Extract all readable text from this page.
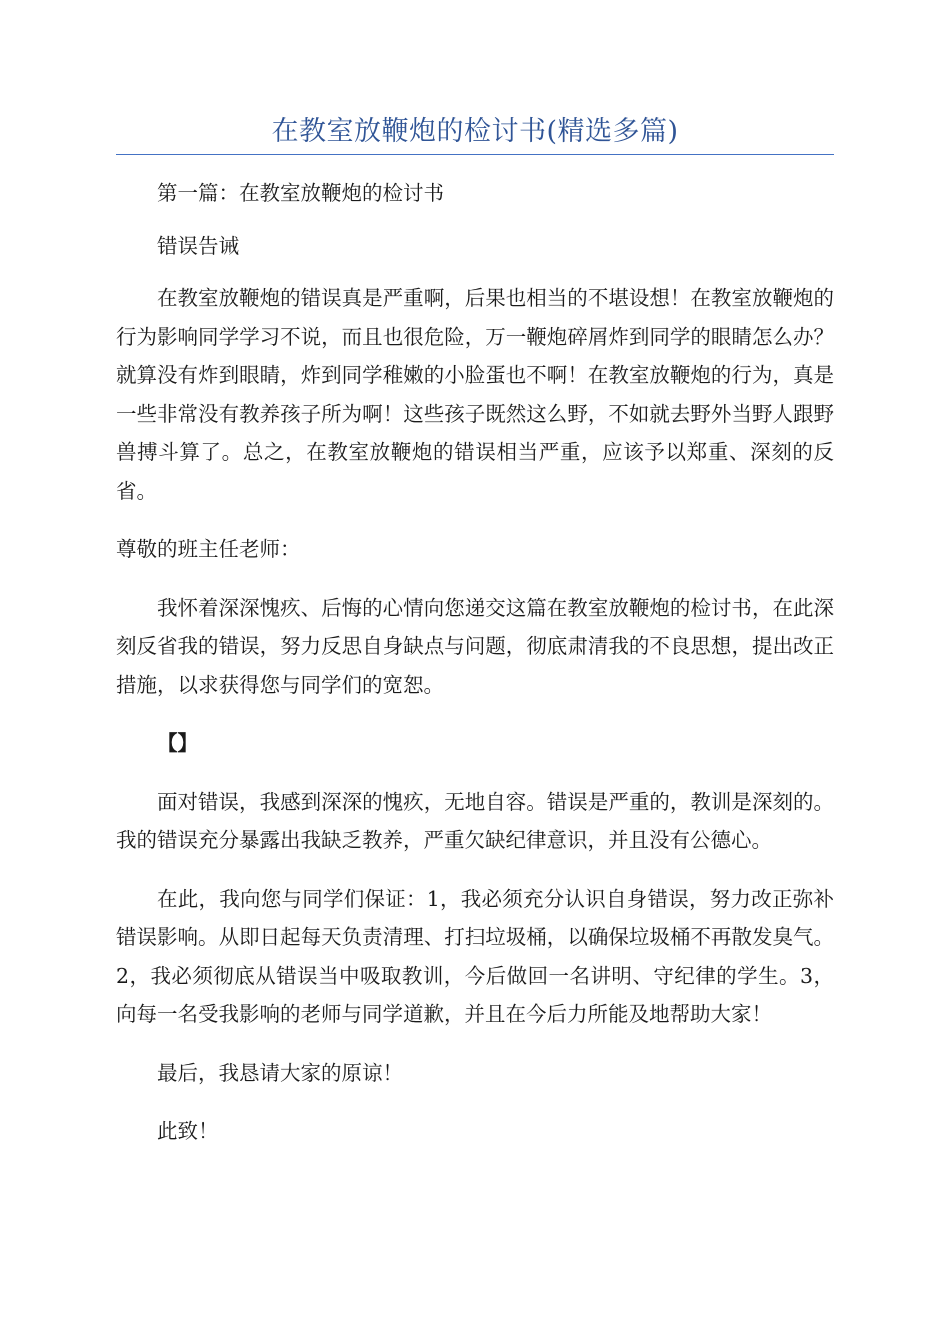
在教室放鞭炮的检讨书(精选多篇)

第一篇：在教室放鞭炮的检讨书

错误告诫

在教室放鞭炮的错误真是严重啊，后果也相当的不堪设想！在教室放鞭炮的行为影响同学学习不说，而且也很危险，万一鞭炮碎屑炸到同学的眼睛怎么办？就算没有炸到眼睛，炸到同学稚嫩的小脸蛋也不啊！在教室放鞭炮的行为，真是一些非常没有教养孩子所为啊！这些孩子既然这么野，不如就去野外当野人跟野兽搏斗算了。总之，在教室放鞭炮的错误相当严重，应该予以郑重、深刻的反省。

尊敬的班主任老师：

我怀着深深愧疚、后悔的心情向您递交这篇在教室放鞭炮的检讨书，在此深刻反省我的错误，努力反思自身缺点与问题，彻底肃清我的不良思想，提出改正措施，以求获得您与同学们的宽恕。

【】

面对错误，我感到深深的愧疚，无地自容。错误是严重的，教训是深刻的。我的错误充分暴露出我缺乏教养，严重欠缺纪律意识，并且没有公德心。

在此，我向您与同学们保证：1，我必须充分认识自身错误，努力改正弥补错误影响。从即日起每天负责清理、打扫垃圾桶，以确保垃圾桶不再散发臭气。2，我必须彻底从错误当中吸取教训，今后做回一名讲明、守纪律的学生。3，向每一名受我影响的老师与同学道歉，并且在今后力所能及地帮助大家！

最后，我恳请大家的原谅！

此致！
